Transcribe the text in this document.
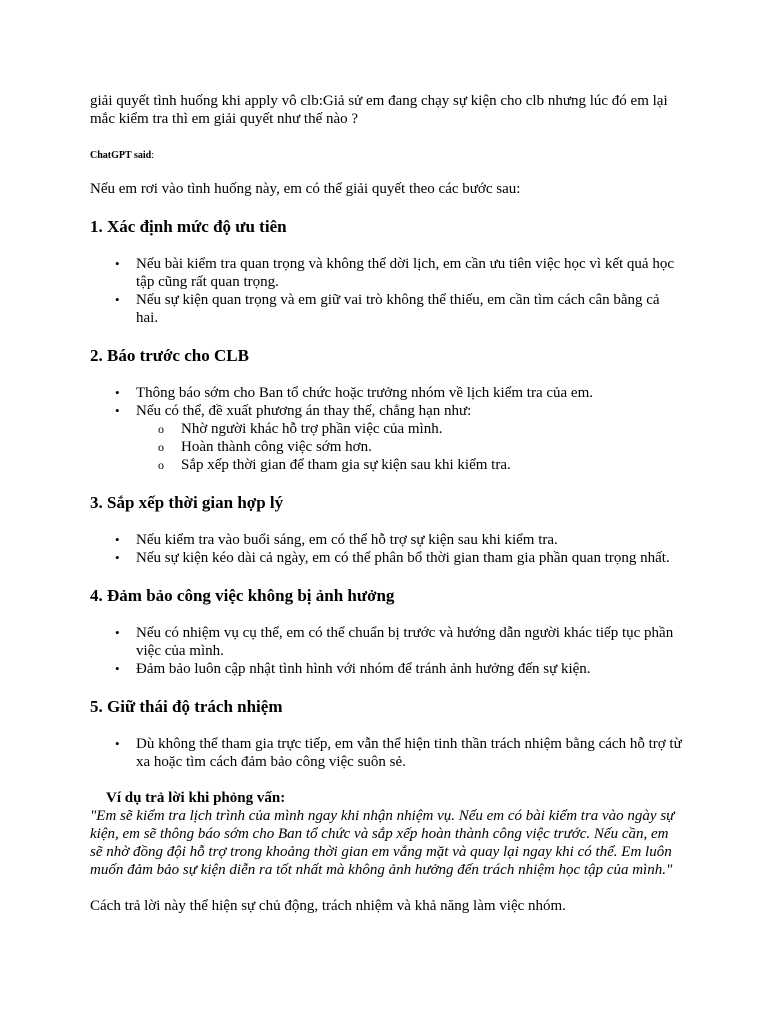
giải quyết tình huống khi apply vô clb:Giả sử em đang chạy sự kiện cho clb nhưng lúc đó em lại mắc kiểm tra thì em giải quyết như thế nào ?

ChatGPT said:

Nếu em rơi vào tình huống này, em có thể giải quyết theo các bước sau:

1. Xác định mức độ ưu tiên
• Nếu bài kiểm tra quan trọng và không thể dời lịch, em cần ưu tiên việc học vì kết quả học tập cũng rất quan trọng.
• Nếu sự kiện quan trọng và em giữ vai trò không thể thiếu, em cần tìm cách cân bằng cả hai.
2. Báo trước cho CLB
• Thông báo sớm cho Ban tổ chức hoặc trưởng nhóm về lịch kiểm tra của em.
• Nếu có thể, đề xuất phương án thay thế, chẳng hạn như:
o Nhờ người khác hỗ trợ phần việc của mình.
o Hoàn thành công việc sớm hơn.
o Sắp xếp thời gian để tham gia sự kiện sau khi kiểm tra.
3. Sắp xếp thời gian hợp lý
• Nếu kiểm tra vào buổi sáng, em có thể hỗ trợ sự kiện sau khi kiểm tra.
• Nếu sự kiện kéo dài cả ngày, em có thể phân bổ thời gian tham gia phần quan trọng nhất.
4. Đảm bảo công việc không bị ảnh hưởng
• Nếu có nhiệm vụ cụ thể, em có thể chuẩn bị trước và hướng dẫn người khác tiếp tục phần việc của mình.
• Đảm bảo luôn cập nhật tình hình với nhóm để tránh ảnh hưởng đến sự kiện.
5. Giữ thái độ trách nhiệm
• Dù không thể tham gia trực tiếp, em vẫn thể hiện tinh thần trách nhiệm bằng cách hỗ trợ từ xa hoặc tìm cách đảm bảo công việc suôn sẻ.

Ví dụ trả lời khi phỏng vấn:

"Em sẽ kiểm tra lịch trình của mình ngay khi nhận nhiệm vụ. Nếu em có bài kiểm tra vào ngày sự kiện, em sẽ thông báo sớm cho Ban tổ chức và sắp xếp hoàn thành công việc trước. Nếu cần, em sẽ nhờ đồng đội hỗ trợ trong khoảng thời gian em vắng mặt và quay lại ngay khi có thể. Em luôn muốn đảm bảo sự kiện diễn ra tốt nhất mà không ảnh hưởng đến trách nhiệm học tập của mình."

Cách trả lời này thể hiện sự chủ động, trách nhiệm và khả năng làm việc nhóm.
